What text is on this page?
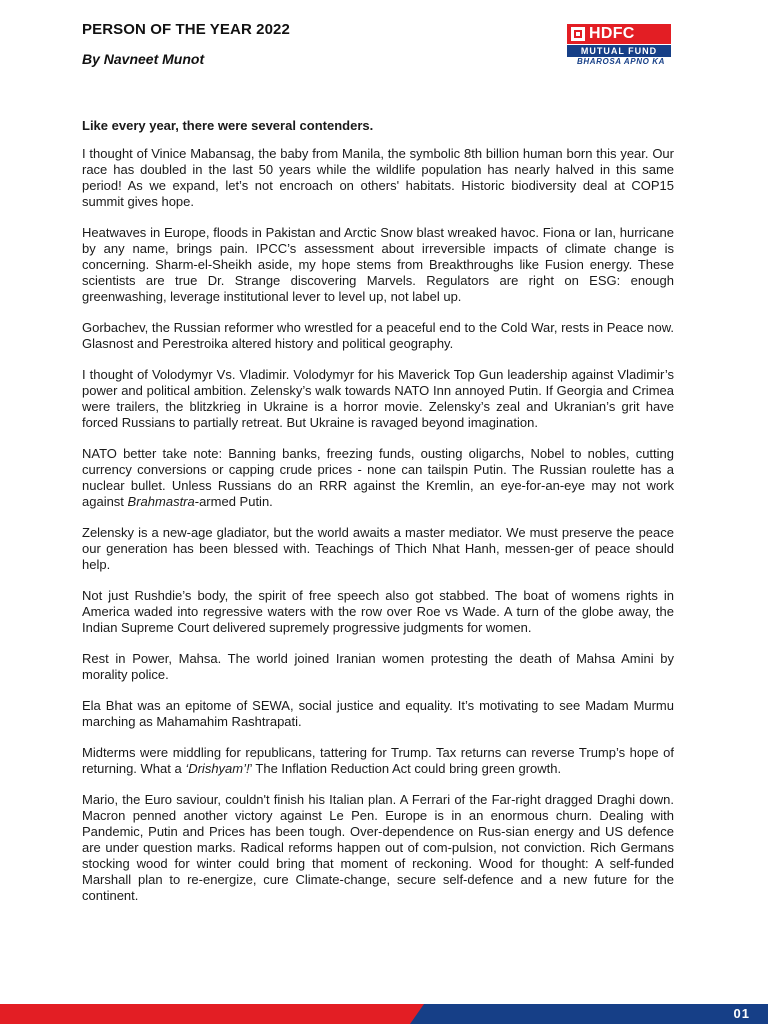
PERSON OF THE YEAR 2022
By Navneet Munot
HDFC
MUTUAL FUND
BHAROSA APNO KA

Like every year, there were several contenders.

I thought of Vinice Mabansag, the baby from Manila, the symbolic 8th billion human born this year. Our race has doubled in the last 50 years while the wildlife population has nearly halved in this same period! As we expand, let’s not encroach on others' habitats. Historic biodiversity deal at COP15 summit gives hope.

Heatwaves in Europe, floods in Pakistan and Arctic Snow blast wreaked havoc. Fiona or Ian, hurricane by any name, brings pain. IPCC’s assessment about irreversible impacts of climate change is concerning. Sharm-el-Sheikh aside, my hope stems from Breakthroughs like Fusion energy. These scientists are true Dr. Strange discovering Marvels. Regulators are right on ESG: enough greenwashing, leverage institutional lever to level up, not label up.

Gorbachev, the Russian reformer who wrestled for a peaceful end to the Cold War, rests in Peace now. Glasnost and Perestroika altered history and political geography.

I thought of Volodymyr Vs. Vladimir. Volodymyr for his Maverick Top Gun leadership against Vladimir’s power and political ambition. Zelensky’s walk towards NATO Inn annoyed Putin. If Georgia and Crimea were trailers, the blitzkrieg in Ukraine is a horror movie. Zelensky’s zeal and Ukranian’s grit have forced Russians to partially retreat. But Ukraine is ravaged beyond imagination.

NATO better take note: Banning banks, freezing funds, ousting oligarchs, Nobel to nobles, cutting currency conversions or capping crude prices - none can tailspin Putin. The Russian roulette has a nuclear bullet. Unless Russians do an RRR against the Kremlin, an eye-for-an-eye may not work against Brahmastra-armed Putin.

Zelensky is a new-age gladiator, but the world awaits a master mediator. We must preserve the peace our generation has been blessed with. Teachings of Thich Nhat Hanh, messen-ger of peace should help.

Not just Rushdie’s body, the spirit of free speech also got stabbed. The boat of womens rights in America waded into regressive waters with the row over Roe vs Wade. A turn of the globe away, the Indian Supreme Court delivered supremely progressive judgments for women.

Rest in Power, Mahsa. The world joined Iranian women protesting the death of Mahsa Amini by morality police.

Ela Bhat was an epitome of SEWA, social justice and equality. It’s motivating to see Madam Murmu marching as Mahamahim Rashtrapati.

Midterms were middling for republicans, tattering for Trump. Tax returns can reverse Trump’s hope of returning. What a ‘Drishyam’!’ The Inflation Reduction Act could bring green growth.

Mario, the Euro saviour, couldn't finish his Italian plan. A Ferrari of the Far-right dragged Draghi down. Macron penned another victory against Le Pen. Europe is in an enormous churn. Dealing with Pandemic, Putin and Prices has been tough. Over-dependence on Rus-sian energy and US defence are under question marks. Radical reforms happen out of com-pulsion, not conviction. Rich Germans stocking wood for winter could bring that moment of reckoning. Wood for thought: A self-funded Marshall plan to re-energize, cure Climate-change, secure self-defence and a new future for the continent.

01
